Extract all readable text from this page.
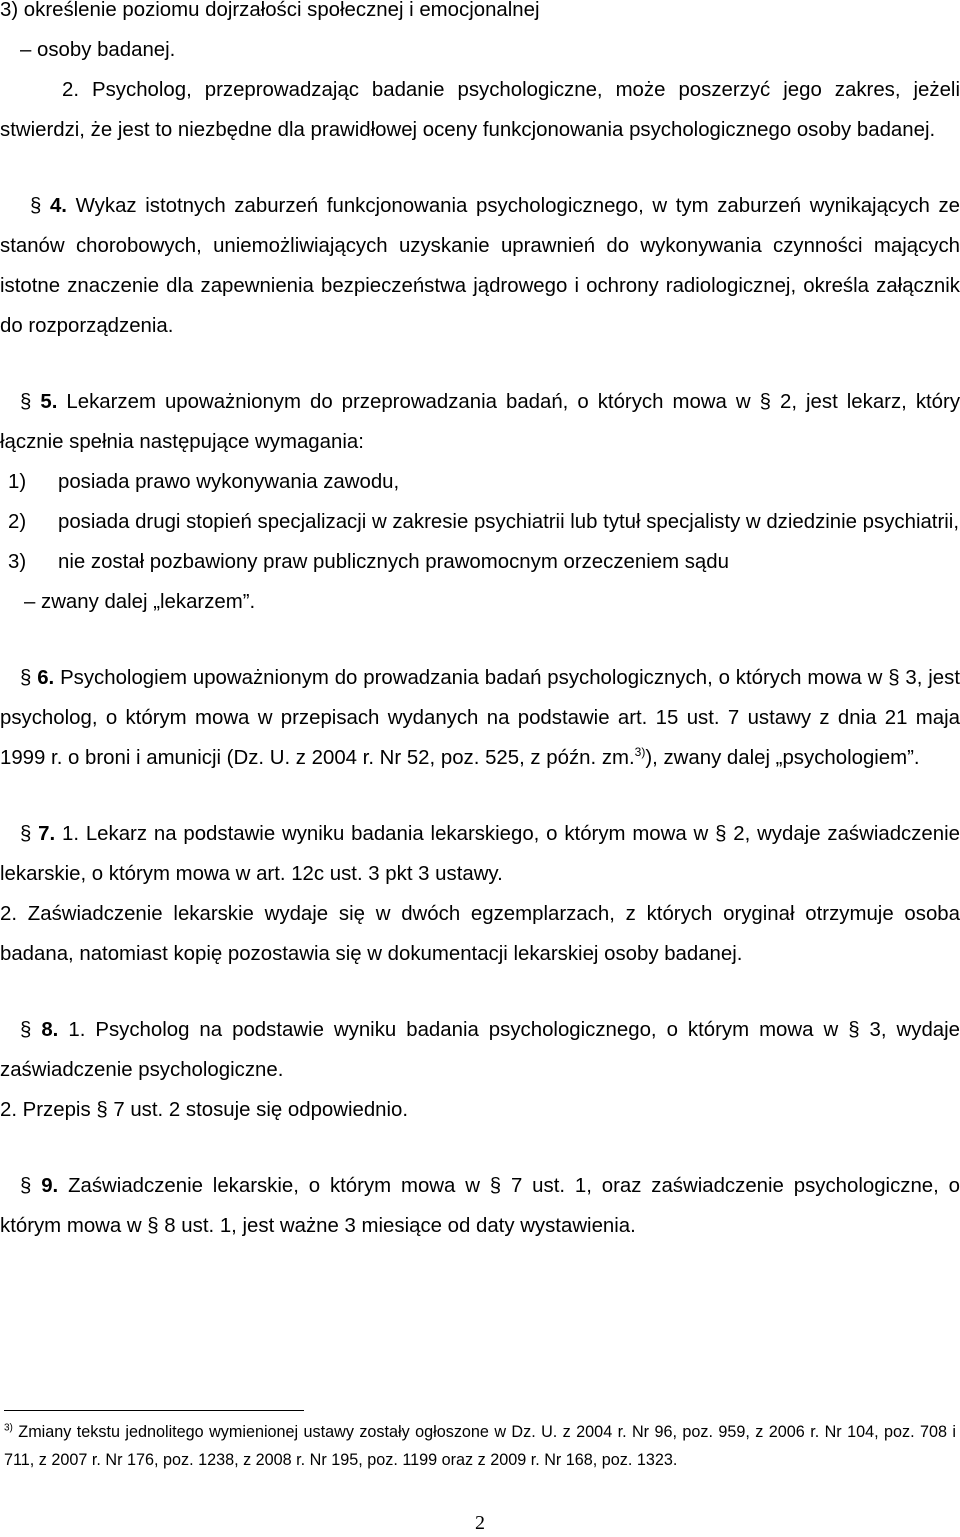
3) określenie poziomu dojrzałości społecznej i emocjonalnej

– osoby badanej.

2. Psycholog, przeprowadzając badanie psychologiczne, może poszerzyć jego zakres, jeżeli stwierdzi, że jest to niezbędne dla prawidłowej oceny funkcjonowania psychologicznego osoby badanej.

§ 4. Wykaz istotnych zaburzeń funkcjonowania psychologicznego, w tym zaburzeń wynikających ze stanów chorobowych, uniemożliwiających uzyskanie uprawnień do wykonywania czynności mających istotne znaczenie dla zapewnienia bezpieczeństwa jądrowego i ochrony radiologicznej, określa załącznik do rozporządzenia.

§ 5. Lekarzem upoważnionym do przeprowadzania badań, o których mowa w § 2, jest lekarz, który łącznie spełnia następujące wymagania:

1) posiada prawo wykonywania zawodu,

2) posiada drugi stopień specjalizacji w zakresie psychiatrii lub tytuł specjalisty w dziedzinie psychiatrii,

3) nie został pozbawiony praw publicznych prawomocnym orzeczeniem sądu

– zwany dalej „lekarzem”.

§ 6. Psychologiem upoważnionym do prowadzania badań psychologicznych, o których mowa w § 3, jest psycholog, o którym mowa w przepisach wydanych na podstawie art. 15 ust. 7 ustawy z dnia 21 maja 1999 r. o broni i amunicji (Dz. U. z 2004 r. Nr 52, poz. 525, z późn. zm.$^{3)}$), zwany dalej „psychologiem”.

§ 7. 1. Lekarz na podstawie wyniku badania lekarskiego, o którym mowa w § 2, wydaje zaświadczenie lekarskie, o którym mowa w art. 12c ust. 3 pkt 3 ustawy.

2. Zaświadczenie lekarskie wydaje się w dwóch egzemplarzach, z których oryginał otrzymuje osoba badana, natomiast kopię pozostawia się w dokumentacji lekarskiej osoby badanej.

§ 8. 1. Psycholog na podstawie wyniku badania psychologicznego, o którym mowa w § 3, wydaje zaświadczenie psychologiczne.

2. Przepis § 7 ust. 2 stosuje się odpowiednio.

§ 9. Zaświadczenie lekarskie, o którym mowa w § 7 ust. 1, oraz zaświadczenie psychologiczne, o którym mowa w § 8 ust. 1, jest ważne 3 miesiące od daty wystawienia.

$^{3)}$ Zmiany tekstu jednolitego wymienionej ustawy zostały ogłoszone w Dz. U. z 2004 r. Nr 96, poz. 959, z 2006 r. Nr 104, poz. 708 i 711, z 2007 r. Nr 176, poz. 1238, z 2008 r. Nr 195, poz. 1199 oraz z 2009 r. Nr 168, poz. 1323.
2
